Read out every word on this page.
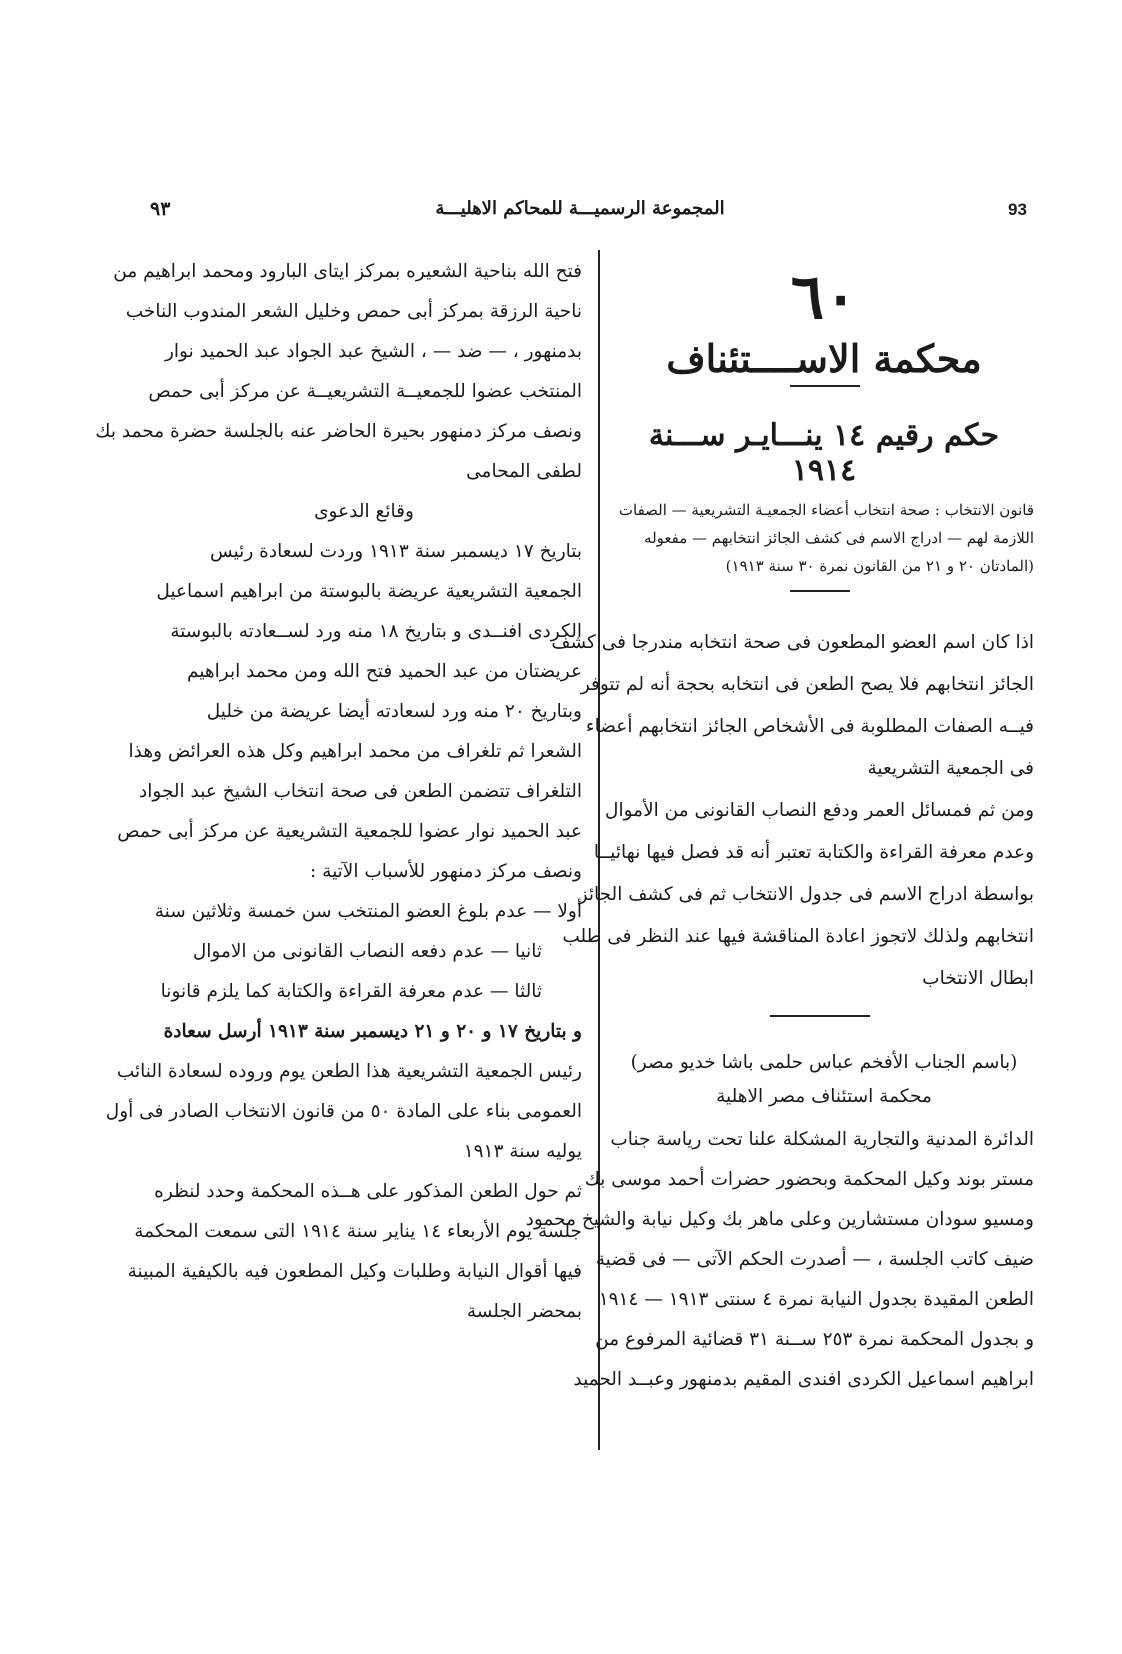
٩٣	المجموعة الرسميـــة للمحاكم الاهليـــة	93
٦٠
محكمة الاســــتئناف
حكم رقيم ١٤ ينـــايـر ســـنة ١٩١٤
قانون الانتخاب : صحة انتخاب أعضاء الجمعيـة التشريعية — الصفات
اللازمة لهم — ادراج الاسم فى كشف الجائز انتخابهم — مفعوله
(المادتان ٢٠ و ٢١ من القانون نمرة ٣٠ سنة ١٩١٣)
اذا كان اسم العضو المطعون فى صحة انتخابه مندرجا فى كشف
الجائز انتخابهم فلا يصح الطعن فى انتخابه بحجة أنه لم تتوفر
فيــه الصفات المطلوبة فى الأشخاص الجائز انتخابهم أعضاء
فى الجمعية التشريعية
ومن ثم فمسائل العمر ودفع النصاب القانونى من الأموال
وعدم معرفة القراءة والكتابة تعتبر أنه قد فصل فيها نهائيــا
بواسطة ادراج الاسم فى جدول الانتخاب ثم فى كشف الجائز
انتخابهم ولذلك لاتجوز اعادة المناقشة فيها عند النظر فى طلب
ابطال الانتخاب
(باسم الجناب الأفخم عباس حلمى باشا خديو مصر)
محكمة استئناف مصر الاهلية
الدائرة المدنية والتجارية المشكلة علنا تحت رياسة جناب
مستر بوند وكيل المحكمة وبحضور حضرات أحمد موسى بك
ومسيو سودان مستشارين وعلى ماهر بك وكيل نيابة والشيخ محمود
ضيف كاتب الجلسة ، — أصدرت الحكم الآتى — فى قضية
الطعن المقيدة بجدول النيابة نمرة ٤ سنتى ١٩١٣ — ١٩١٤
و بجدول المحكمة نمرة ٢٥٣ ســنة ٣١ قضائية المرفوع من
ابراهيم اسماعيل الكردى افندى المقيم بدمنهور وعبــد الحميد
فتح الله بناحية الشعيره بمركز ايتاى البارود ومحمد ابراهيم من
ناحية الرزقة بمركز أبى حمص وخليل الشعر المندوب الناخب
بدمنهور ، — ضد — ، الشيخ عبد الجواد عبد الحميد نوار
المنتخب عضوا للجمعيــة التشريعيــة عن مركز أبى حمص
ونصف مركز دمنهور بحيرة الحاضر عنه بالجلسة حضرة محمد بك
لطفى المحامى
وقائع الدعوى
بتاريخ ١٧ ديسمبر سنة ١٩١٣ وردت لسعادة رئيس
الجمعية التشريعية عريضة بالبوستة من ابراهيم اسماعيل
الكردى افنــدى و بتاريخ ١٨ منه ورد لســعادته بالبوستة
عريضتان من عبد الحميد فتح الله ومن محمد ابراهيم
وبتاريخ ٢٠ منه ورد لسعادته أيضا عريضة من خليل
الشعرا ثم تلغراف من محمد ابراهيم وكل هذه العرائض وهذا
التلغراف تتضمن الطعن فى صحة انتخاب الشيخ عبد الجواد
عبد الحميد نوار عضوا للجمعية التشريعية عن مركز أبى حمص
ونصف مركز دمنهور للأسباب الآتية :
أولا — عدم بلوغ العضو المنتخب سن خمسة وثلاثين سنة
ثانيا — عدم دفعه النصاب القانونى من الاموال
ثالثا — عدم معرفة القراءة والكتابة كما يلزم قانونا
و بتاريخ ١٧ و ٢٠ و ٢١ ديسمبر سنة ١٩١٣ أرسل سعادة
رئيس الجمعية التشريعية هذا الطعن يوم وروده لسعادة النائب
العمومى بناء على المادة ٥٠ من قانون الانتخاب الصادر فى أول
يوليه سنة ١٩١٣
ثم حول الطعن المذكور على هــذه المحكمة وحدد لنظره
جلسة يوم الأربعاء ١٤ يناير سنة ١٩١٤ التى سمعت المحكمة
فيها أقوال النيابة وطلبات وكيل المطعون فيه بالكيفية المبينة
بمحضر الجلسة
